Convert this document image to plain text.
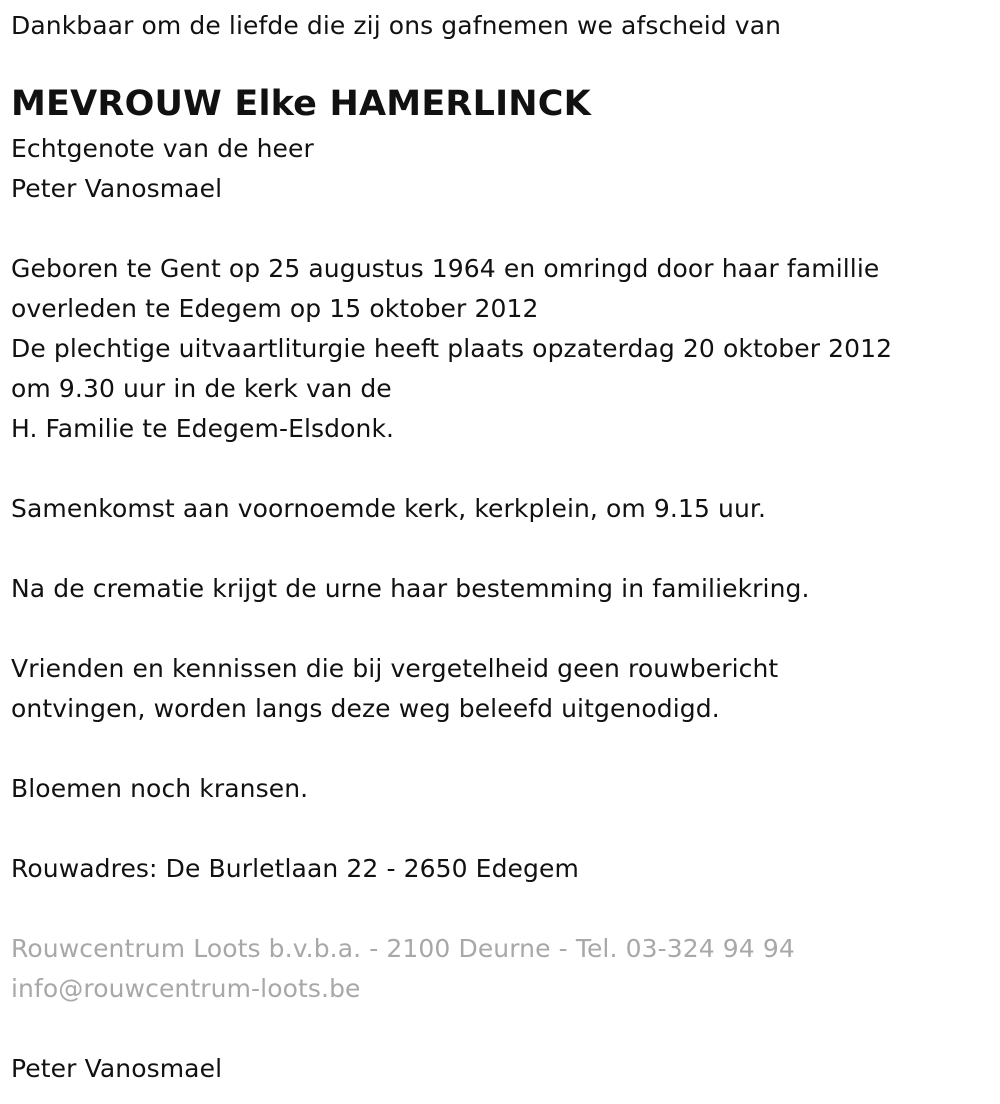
Dankbaar om de liefde die zij ons gafnemen we afscheid van
MEVROUW Elke HAMERLINCK
Echtgenote van de heer
Peter Vanosmael
Geboren te Gent op 25 augustus 1964 en omringd door haar famillie
overleden te Edegem op 15 oktober 2012
De plechtige uitvaartliturgie heeft plaats opzaterdag 20 oktober 2012
om 9.30 uur in de kerk van de
H. Familie te Edegem-Elsdonk.
Samenkomst aan voornoemde kerk, kerkplein, om 9.15 uur.
Na de crematie krijgt de urne haar bestemming in familiekring.
Vrienden en kennissen die bij vergetelheid geen rouwbericht
ontvingen, worden langs deze weg beleefd uitgenodigd.
Bloemen noch kransen.
Rouwadres: De Burletlaan 22 - 2650 Edegem
Rouwcentrum Loots b.v.b.a. - 2100 Deurne - Tel. 03-324 94 94
info@rouwcentrum-loots.be
Peter Vanosmael
